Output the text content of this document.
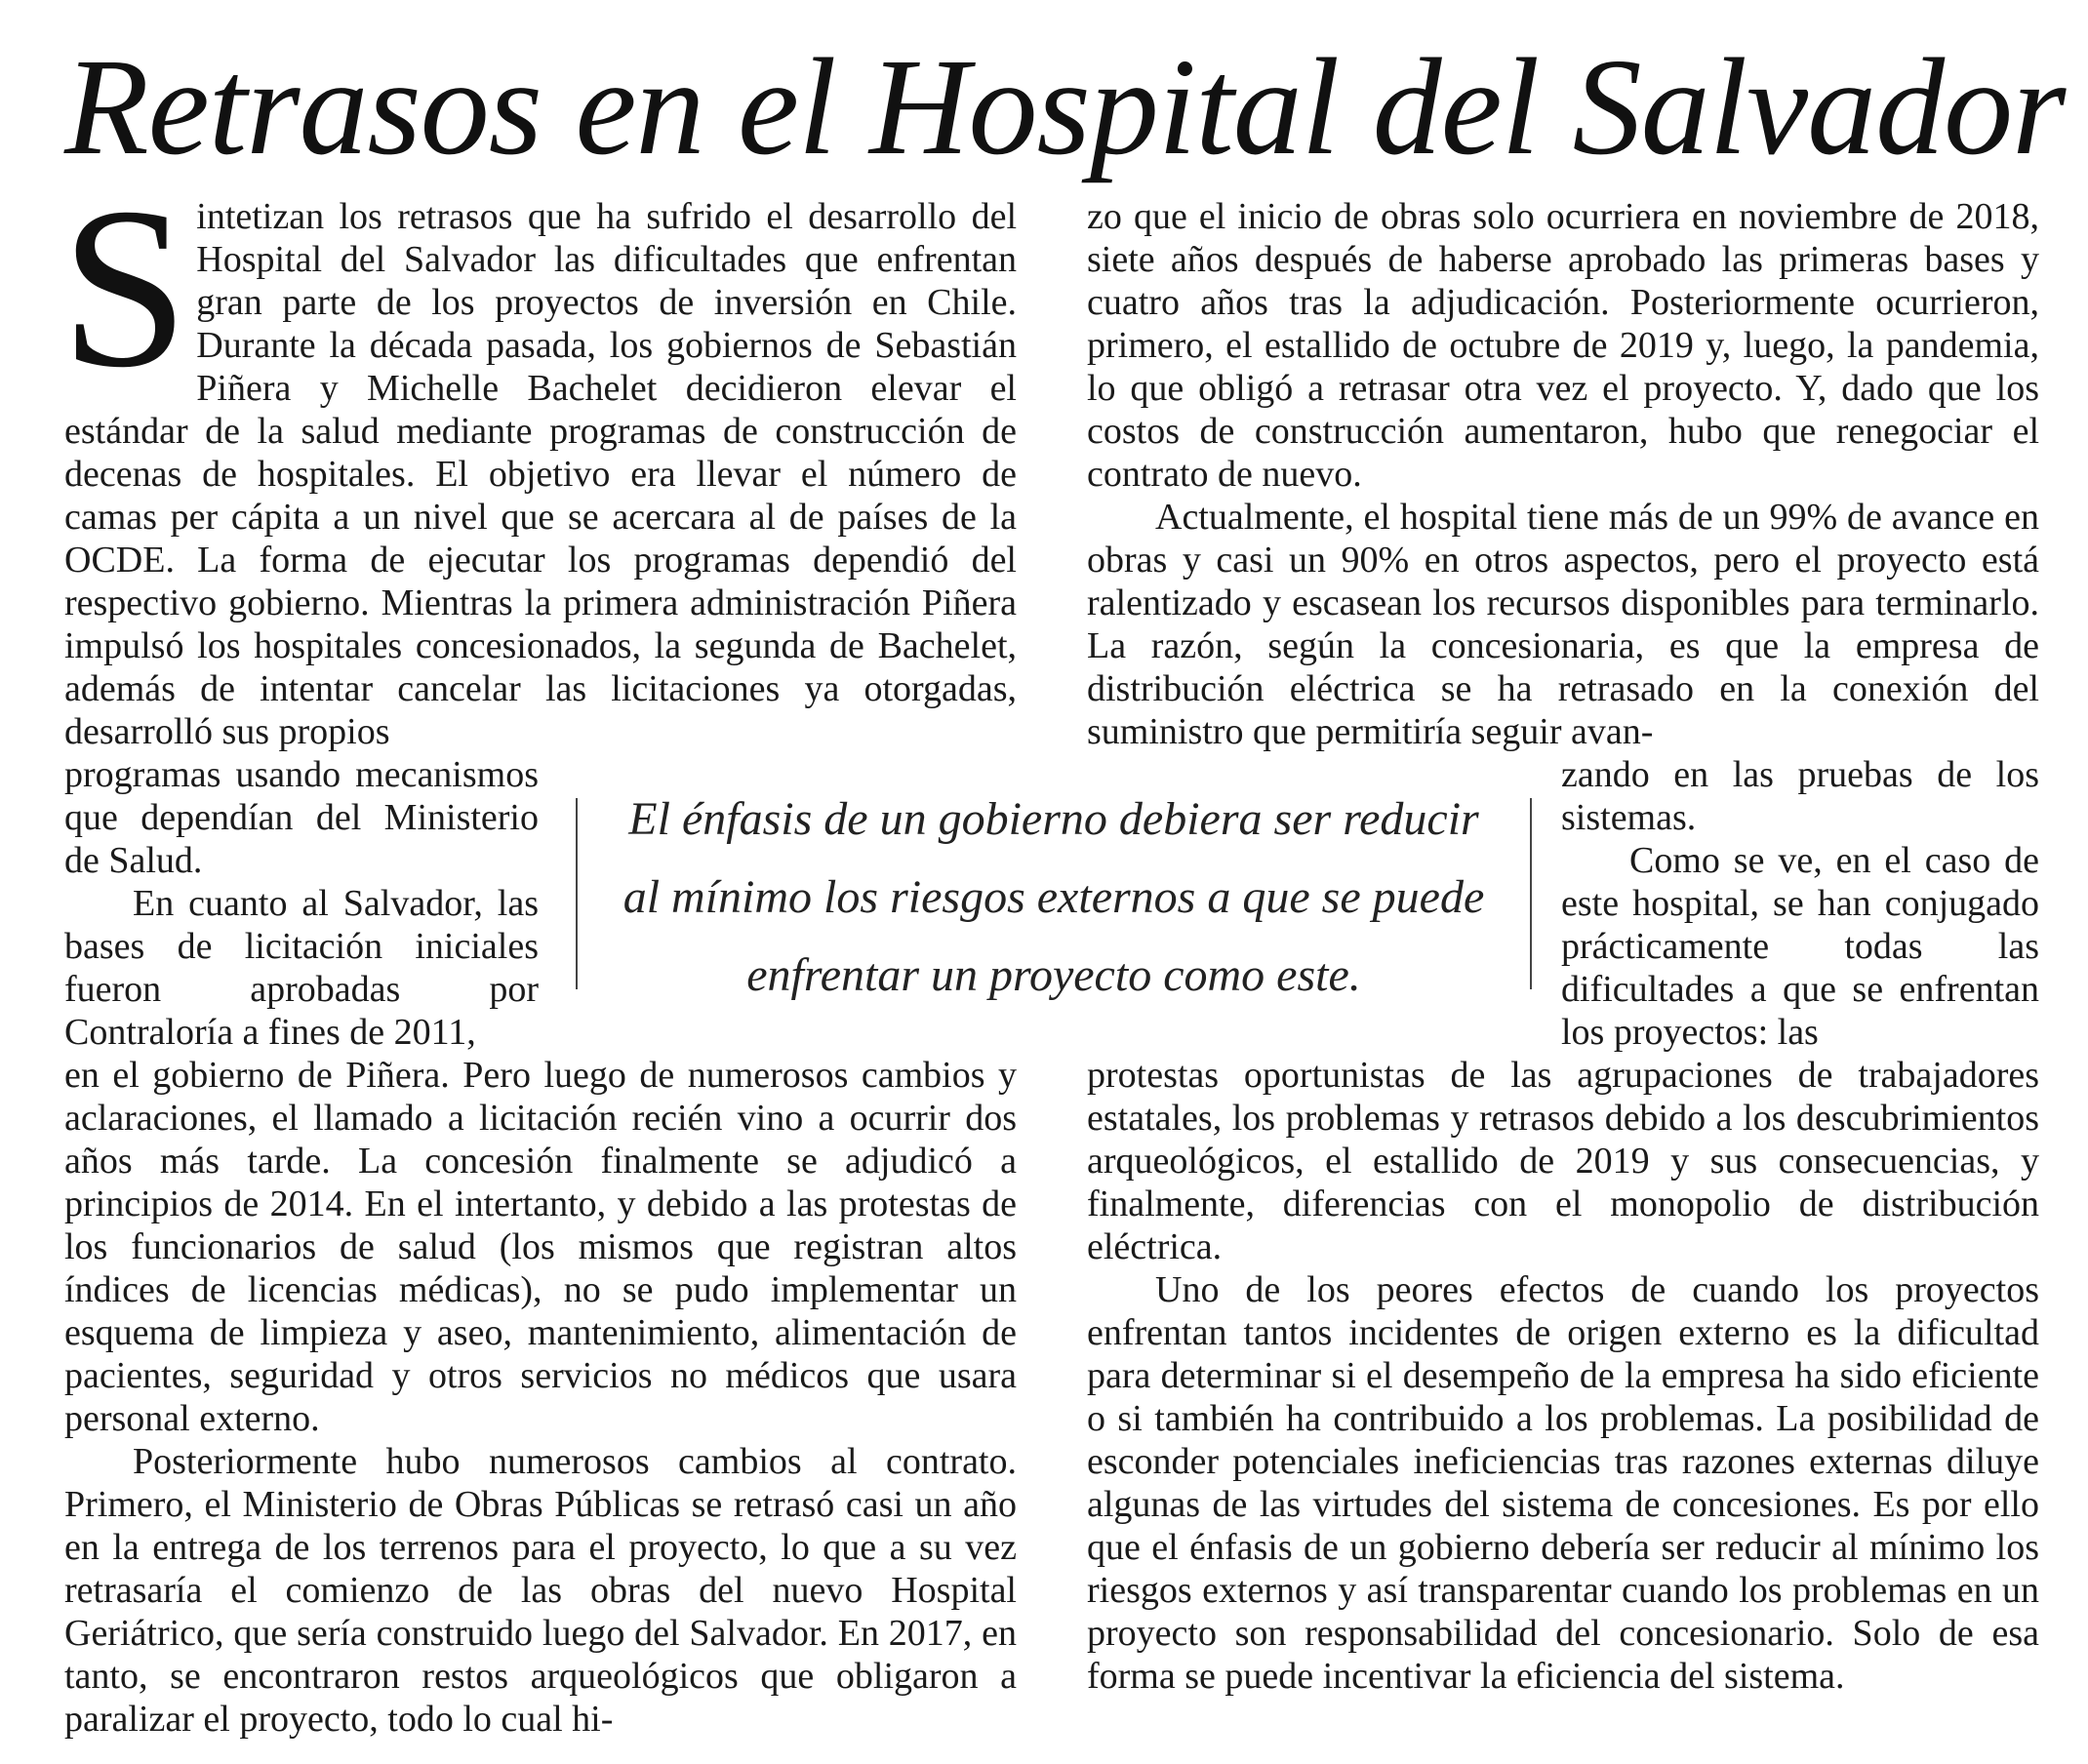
Retrasos en el Hospital del Salvador

Sintetizan los retrasos que ha sufrido el desarrollo del Hospital del Salvador las dificultades que enfrentan gran parte de los proyectos de inversión en Chile. Durante la década pasada, los gobiernos de Sebastián Piñera y Michelle Bachelet decidieron elevar el estándar de la salud mediante programas de construcción de decenas de hospitales. El objetivo era llevar el número de camas per cápita a un nivel que se acercara al de países de la OCDE. La forma de ejecutar los programas dependió del respectivo gobierno. Mientras la primera administración Piñera impulsó los hospitales concesionados, la segunda de Bachelet, además de intentar cancelar las licitaciones ya otorgadas, desarrolló sus propios

programas usando mecanismos que dependían del Ministerio de Salud.

En cuanto al Salvador, las bases de licitación iniciales fueron aprobadas por Contraloría a fines de 2011,

en el gobierno de Piñera. Pero luego de numerosos cambios y aclaraciones, el llamado a licitación recién vino a ocurrir dos años más tarde. La concesión finalmente se adjudicó a principios de 2014. En el intertanto, y debido a las protestas de los funcionarios de salud (los mismos que registran altos índices de licencias médicas), no se pudo implementar un esquema de limpieza y aseo, mantenimiento, alimentación de pacientes, seguridad y otros servicios no médicos que usara personal externo.

Posteriormente hubo numerosos cambios al contrato. Primero, el Ministerio de Obras Públicas se retrasó casi un año en la entrega de los terrenos para el proyecto, lo que a su vez retrasaría el comienzo de las obras del nuevo Hospital Geriátrico, que sería construido luego del Salvador. En 2017, en tanto, se encontraron restos arqueológicos que obligaron a paralizar el proyecto, todo lo cual hi-

zo que el inicio de obras solo ocurriera en noviembre de 2018, siete años después de haberse aprobado las primeras bases y cuatro años tras la adjudicación. Posteriormente ocurrieron, primero, el estallido de octubre de 2019 y, luego, la pandemia, lo que obligó a retrasar otra vez el proyecto. Y, dado que los costos de construcción aumentaron, hubo que renegociar el contrato de nuevo.

Actualmente, el hospital tiene más de un 99% de avance en obras y casi un 90% en otros aspectos, pero el proyecto está ralentizado y escasean los recursos disponibles para terminarlo. La razón, según la concesionaria, es que la empresa de distribución eléctrica se ha retrasado en la conexión del suministro que permitiría seguir avan-

zando en las pruebas de los sistemas.

Como se ve, en el caso de este hospital, se han conjugado prácticamente todas las dificultades a que se enfrentan los proyectos: las

protestas oportunistas de las agrupaciones de trabajadores estatales, los problemas y retrasos debido a los descubrimientos arqueológicos, el estallido de 2019 y sus consecuencias, y finalmente, diferencias con el monopolio de distribución eléctrica.

Uno de los peores efectos de cuando los proyectos enfrentan tantos incidentes de origen externo es la dificultad para determinar si el desempeño de la empresa ha sido eficiente o si también ha contribuido a los problemas. La posibilidad de esconder potenciales ineficiencias tras razones externas diluye algunas de las virtudes del sistema de concesiones. Es por ello que el énfasis de un gobierno debería ser reducir al mínimo los riesgos externos y así transparentar cuando los problemas en un proyecto son responsabilidad del concesionario. Solo de esa forma se puede incentivar la eficiencia del sistema.

El énfasis de un gobierno debiera ser reducir al mínimo los riesgos externos a que se puede enfrentar un proyecto como este.
